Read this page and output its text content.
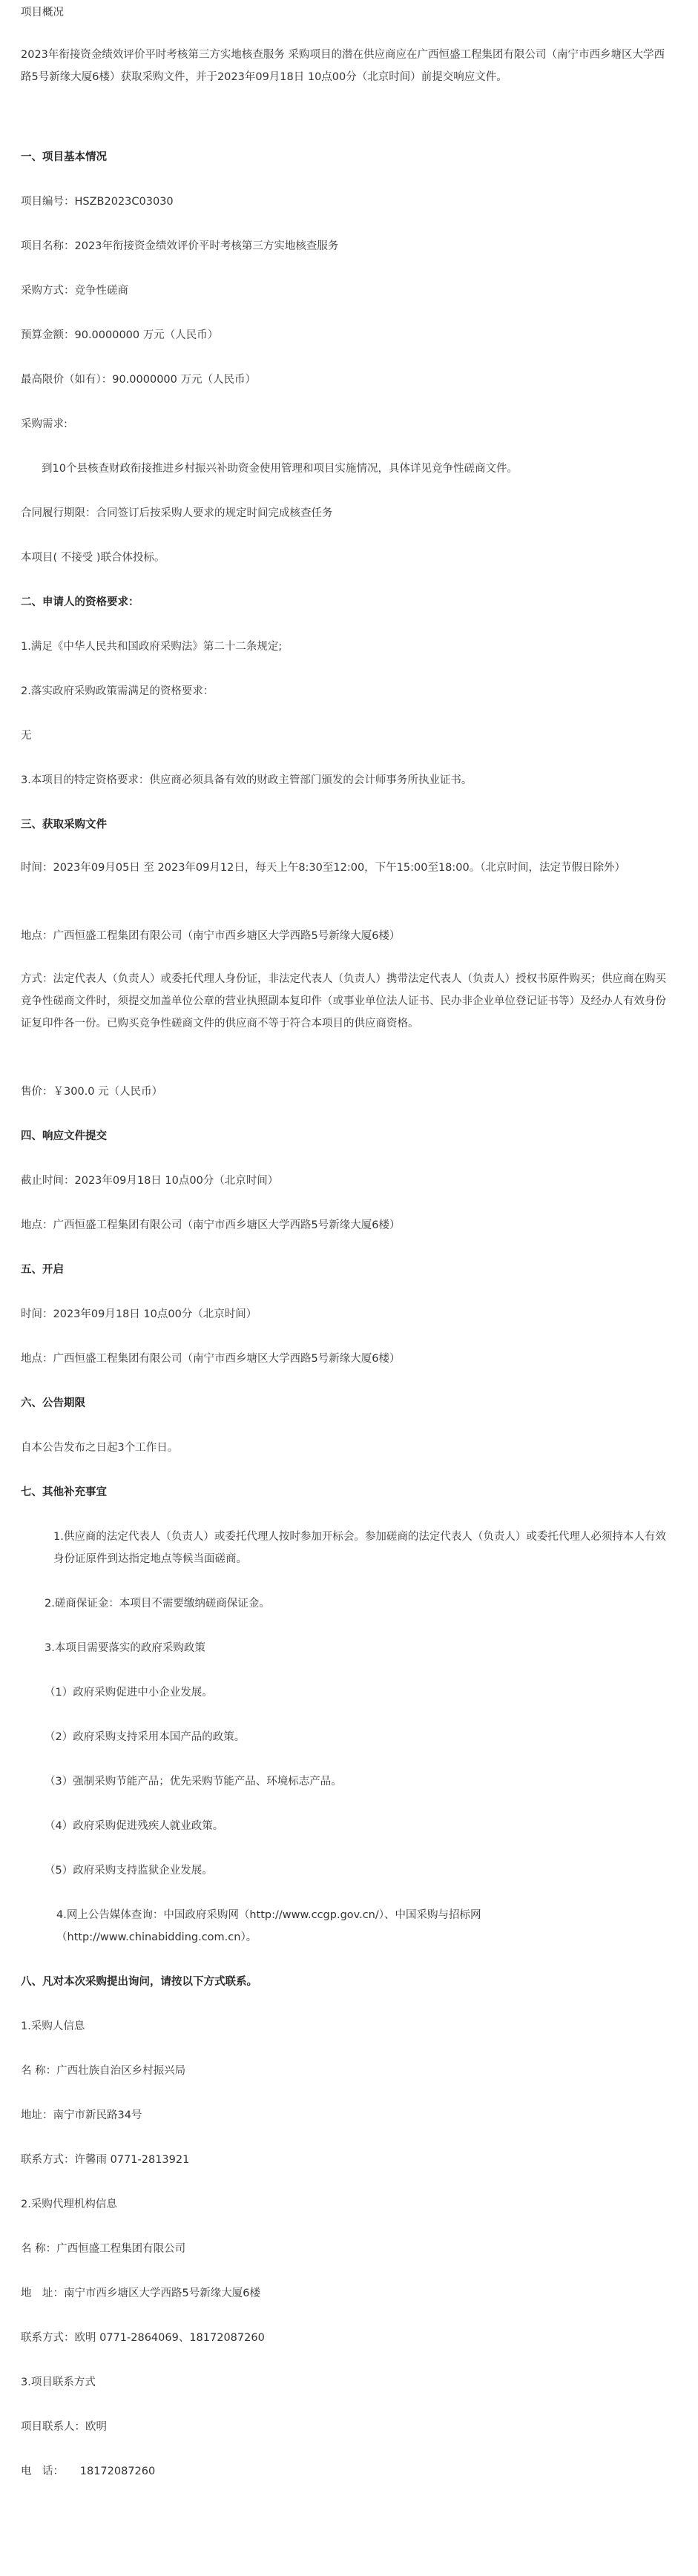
项目概况

2023年衔接资金绩效评价平时考核第三方实地核查服务 采购项目的潜在供应商应在广西恒盛工程集团有限公司（南宁市西乡塘区大学西路5号新缘大厦6楼）获取采购文件，并于2023年09月18日 10点00分（北京时间）前提交响应文件。

一、项目基本情况

项目编号：HSZB2023C03030

项目名称：2023年衔接资金绩效评价平时考核第三方实地核查服务

采购方式：竞争性磋商

预算金额：90.0000000 万元（人民币）

最高限价（如有）：90.0000000 万元（人民币）

采购需求:

到10个县核查财政衔接推进乡村振兴补助资金使用管理和项目实施情况，具体详见竞争性磋商文件。

合同履行期限：合同签订后按采购人要求的规定时间完成核查任务

本项目( 不接受 )联合体投标。

二、申请人的资格要求：

1.满足《中华人民共和国政府采购法》第二十二条规定;

2.落实政府采购政策需满足的资格要求：

无

3.本项目的特定资格要求：供应商必须具备有效的财政主管部门颁发的会计师事务所执业证书。

三、获取采购文件

时间：2023年09月05日 至 2023年09月12日，每天上午8:30至12:00，下午15:00至18:00。（北京时间，法定节假日除外）

地点：广西恒盛工程集团有限公司（南宁市西乡塘区大学西路5号新缘大厦6楼）

方式：法定代表人（负责人）或委托代理人身份证，非法定代表人（负责人）携带法定代表人（负责人）授权书原件购买；供应商在购买竞争性磋商文件时，须提交加盖单位公章的营业执照副本复印件（或事业单位法人证书、民办非企业单位登记证书等）及经办人有效身份证复印件各一份。已购买竞争性磋商文件的供应商不等于符合本项目的供应商资格。

售价：￥300.0 元（人民币）

四、响应文件提交

截止时间：2023年09月18日 10点00分（北京时间）

地点：广西恒盛工程集团有限公司（南宁市西乡塘区大学西路5号新缘大厦6楼）

五、开启

时间：2023年09月18日 10点00分（北京时间）

地点：广西恒盛工程集团有限公司（南宁市西乡塘区大学西路5号新缘大厦6楼）

六、公告期限

自本公告发布之日起3个工作日。

七、其他补充事宜

1.供应商的法定代表人（负责人）或委托代理人按时参加开标会。参加磋商的法定代表人（负责人）或委托代理人必须持本人有效身份证原件到达指定地点等候当面磋商。

2.磋商保证金：本项目不需要缴纳磋商保证金。

3.本项目需要落实的政府采购政策

（1）政府采购促进中小企业发展。

（2）政府采购支持采用本国产品的政策。

（3）强制采购节能产品；优先采购节能产品、环境标志产品。

（4）政府采购促进残疾人就业政策。

（5）政府采购支持监狱企业发展。

4.网上公告媒体查询：中国政府采购网（http://www.ccgp.gov.cn/）、中国采购与招标网（http://www.chinabidding.com.cn）。

八、凡对本次采购提出询问，请按以下方式联系。

1.采购人信息

名 称：广西壮族自治区乡村振兴局

地址：南宁市新民路34号

联系方式：许馨雨 0771-2813921

2.采购代理机构信息

名 称：广西恒盛工程集团有限公司

地　址：南宁市西乡塘区大学西路5号新缘大厦6楼

联系方式：欧明 0771-2864069、18172087260

3.项目联系方式

项目联系人：欧明

电　话：　　18172087260
